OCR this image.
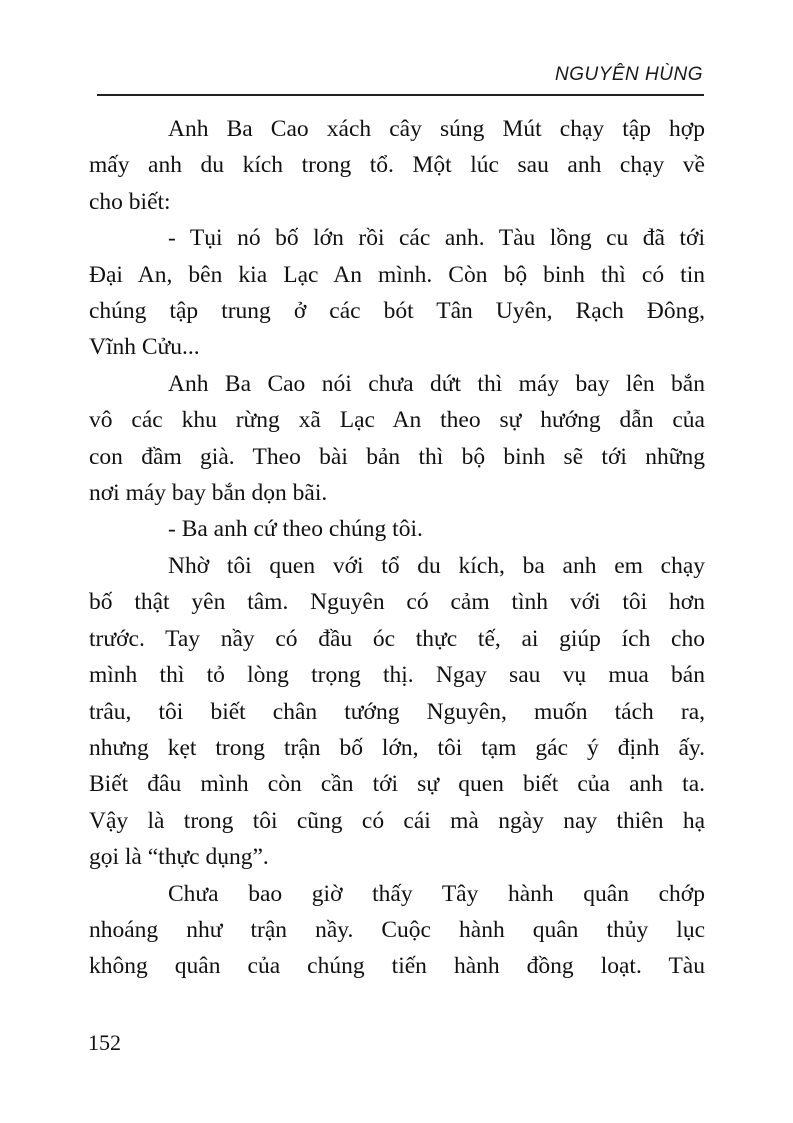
NGUYÊN HÙNG

Anh Ba Cao xách cây súng Mút chạy tập hợp
mấy anh du kích trong tổ. Một lúc sau anh chạy về
cho biết:

- Tụi nó bố lớn rồi các anh. Tàu lồng cu đã tới
Đại An, bên kia Lạc An mình. Còn bộ binh thì có tin
chúng tập trung ở các bót Tân Uyên, Rạch Đông,
Vĩnh Cửu...

Anh Ba Cao nói chưa dứt thì máy bay lên bắn
vô các khu rừng xã Lạc An theo sự hướng dẫn của
con đầm già. Theo bài bản thì bộ binh sẽ tới những
nơi máy bay bắn dọn bãi.

- Ba anh cứ theo chúng tôi.

Nhờ tôi quen với tổ du kích, ba anh em chạy
bố thật yên tâm. Nguyên có cảm tình với tôi hơn
trước. Tay nầy có đầu óc thực tế, ai giúp ích cho
mình thì tỏ lòng trọng thị. Ngay sau vụ mua bán
trâu, tôi biết chân tướng Nguyên, muốn tách ra,
nhưng kẹt trong trận bố lớn, tôi tạm gác ý định ấy.
Biết đâu mình còn cần tới sự quen biết của anh ta.
Vậy là trong tôi cũng có cái mà ngày nay thiên hạ
gọi là “thực dụng”.

Chưa bao giờ thấy Tây hành quân chớp
nhoáng như trận nầy. Cuộc hành quân thủy lục
không quân của chúng tiến hành đồng loạt. Tàu

152
